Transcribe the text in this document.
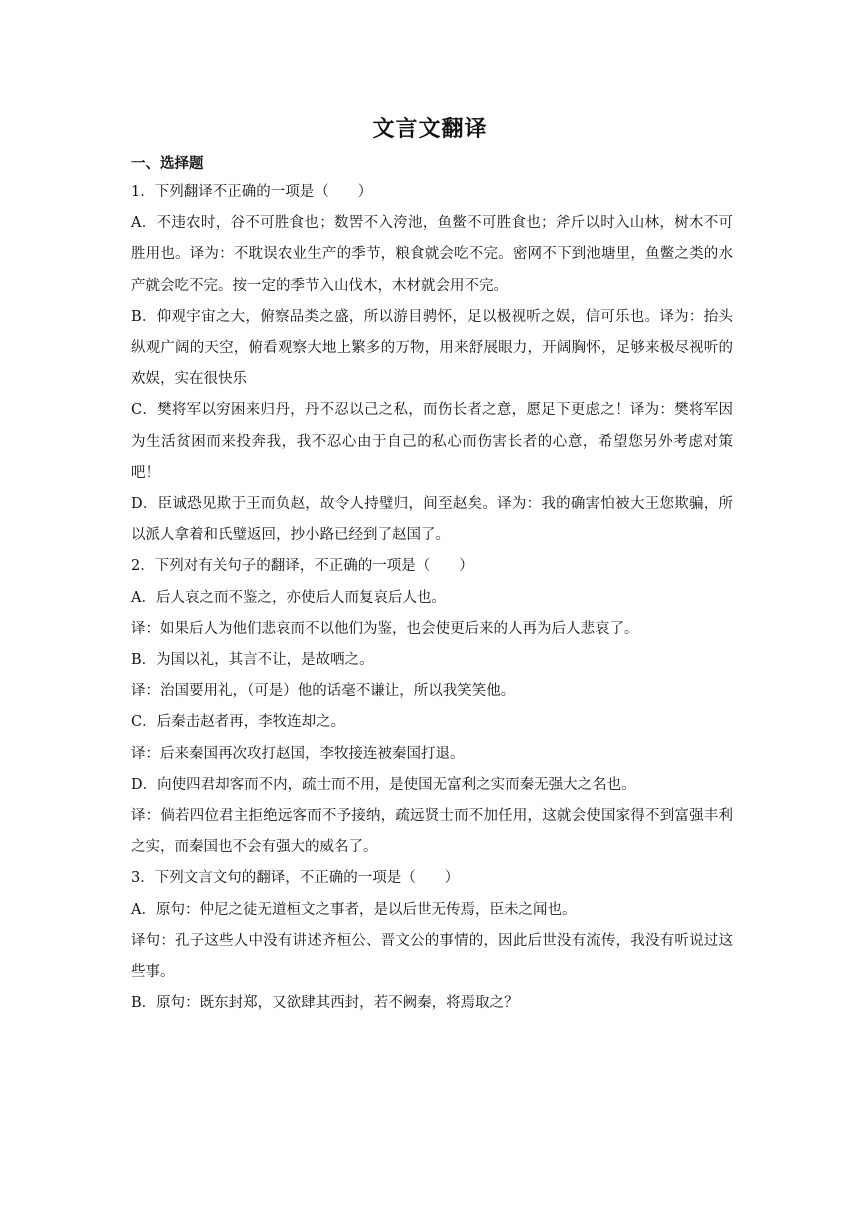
文言文翻译
一、选择题

1．下列翻译不正确的一项是（　　）

A．不违农时，谷不可胜食也；数罟不入洿池，鱼鳖不可胜食也；斧斤以时入山林，树木不可胜用也。译为：不耽误农业生产的季节，粮食就会吃不完。密网不下到池塘里，鱼鳖之类的水产就会吃不完。按一定的季节入山伐木，木材就会用不完。

B．仰观宇宙之大，俯察品类之盛，所以游目骋怀，足以极视听之娱，信可乐也。译为：抬头纵观广阔的天空，俯看观察大地上繁多的万物，用来舒展眼力，开阔胸怀，足够来极尽视听的欢娱，实在很快乐

C．樊将军以穷困来归丹，丹不忍以己之私，而伤长者之意，愿足下更虑之！译为：樊将军因为生活贫困而来投奔我，我不忍心由于自己的私心而伤害长者的心意，希望您另外考虑对策吧！

D．臣诚恐见欺于王而负赵，故令人持璧归，间至赵矣。译为：我的确害怕被大王您欺骗，所以派人拿着和氏璧返回，抄小路已经到了赵国了。

2．下列对有关句子的翻译，不正确的一项是（　　）

A．后人哀之而不鉴之，亦使后人而复哀后人也。

译：如果后人为他们悲哀而不以他们为鉴，也会使更后来的人再为后人悲哀了。

B．为国以礼，其言不让，是故哂之。

译：治国要用礼，（可是）他的话毫不谦让，所以我笑笑他。

C．后秦击赵者再，李牧连却之。

译：后来秦国再次攻打赵国，李牧接连被秦国打退。

D．向使四君却客而不内，疏士而不用，是使国无富利之实而秦无强大之名也。

译：倘若四位君主拒绝远客而不予接纳，疏远贤士而不加任用，这就会使国家得不到富强丰利之实，而秦国也不会有强大的威名了。

3．下列文言文句的翻译，不正确的一项是（　　）

A．原句：仲尼之徒无道桓文之事者，是以后世无传焉，臣未之闻也。

译句：孔子这些人中没有讲述齐桓公、晋文公的事情的，因此后世没有流传，我没有听说过这些事。

B．原句：既东封郑，又欲肆其西封，若不阙秦，将焉取之？
